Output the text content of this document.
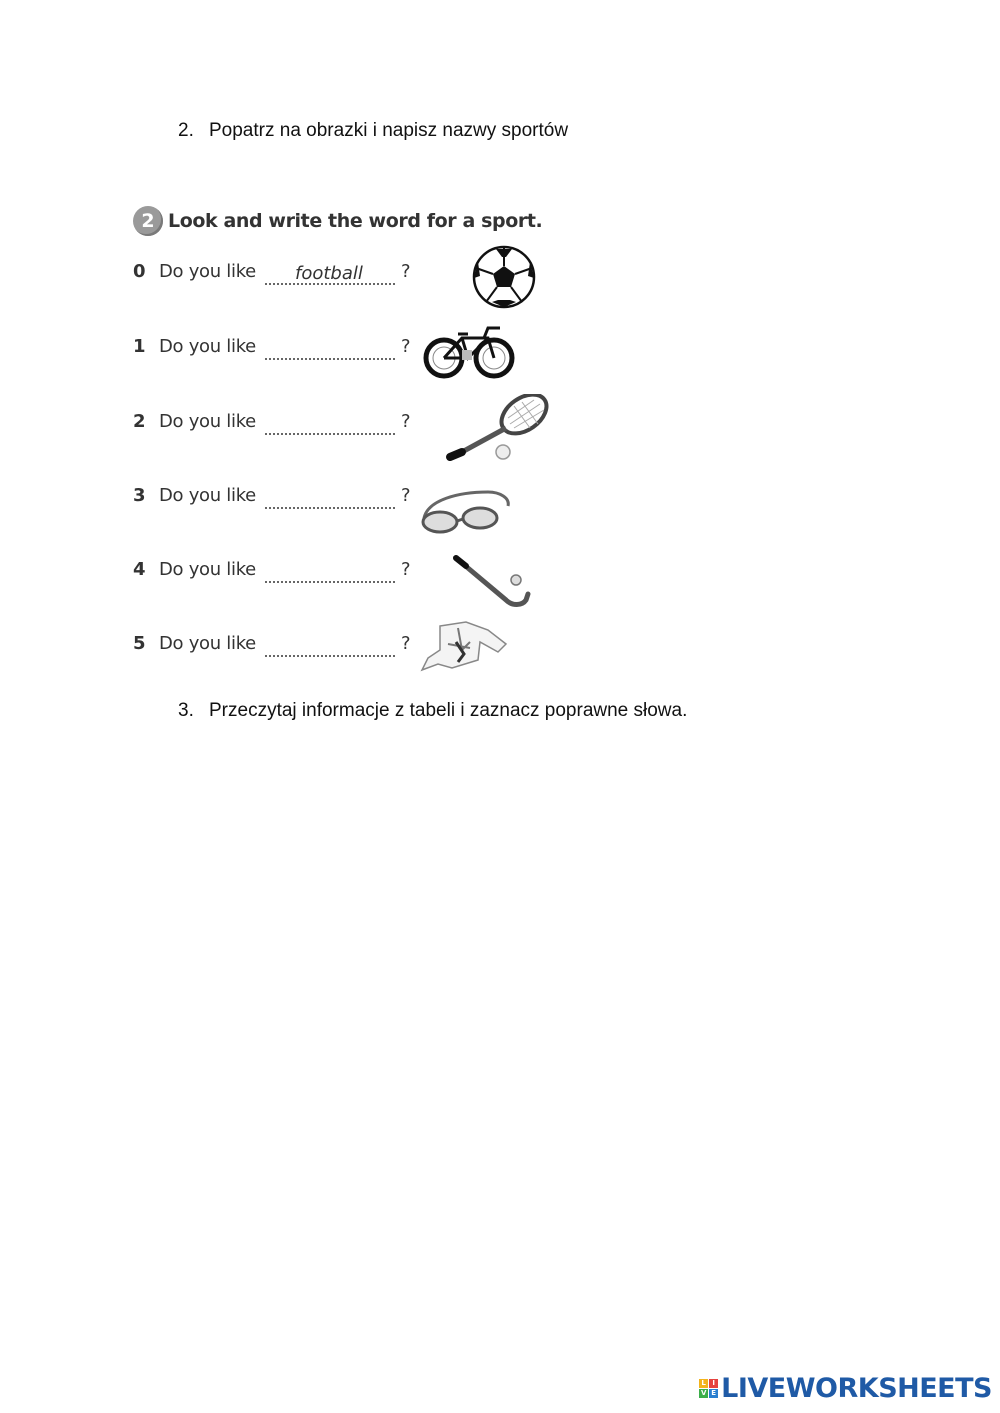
2. Popatrz na obrazki i napisz nazwy sportów
2 Look and write the word for a sport.
0 Do you like	football ?
1 Do you like	?
2 Do you like	?
3 Do you like	?
4 Do you like	?
5 Do you like	?
3. Przeczytaj informacje z tabeli i zaznacz poprawne słowa.
L I
V E LIVEWORKSHEETS
